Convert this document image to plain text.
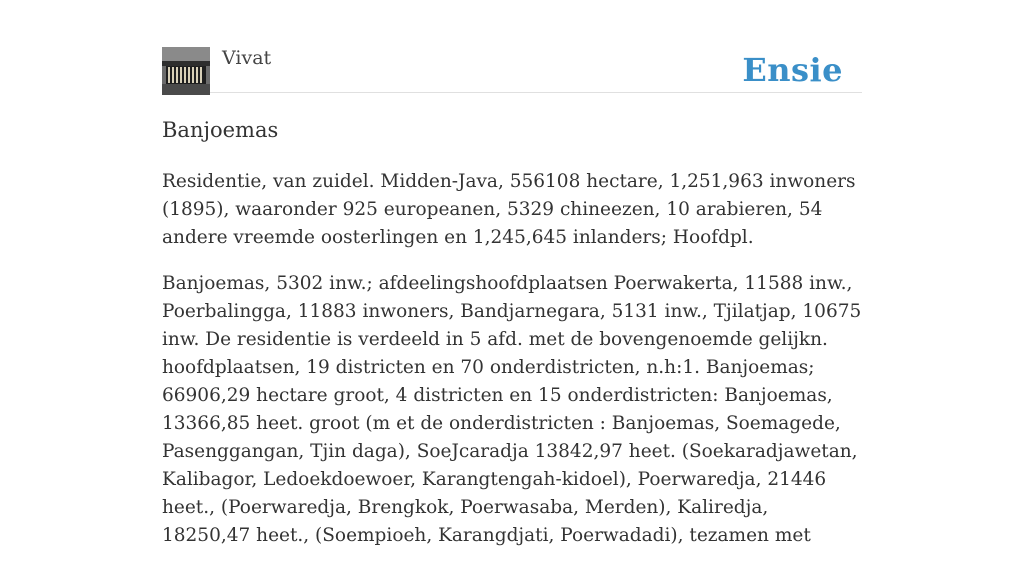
Vivat	Ensie
Banjoemas

Residentie, van zuidel. Midden-Java, 556108 hectare, 1,251,963 inwoners (1895), waaronder 925 europeanen, 5329 chineezen, 10 arabieren, 54 andere vreemde oosterlingen en 1,245,645 inlanders; Hoofdpl.

Banjoemas, 5302 inw.; afdeelingshoofdplaatsen Poerwakerta, 11588 inw., Poerbalingga, 11883 inwoners, Bandjarnegara, 5131 inw., Tjilatjap, 10675 inw. De residentie is verdeeld in 5 afd. met de bovengenoemde gelijkn. hoofdplaatsen, 19 districten en 70 onderdistricten, n.h:1. Banjoemas; 66906,29 hectare groot, 4 districten en 15 onderdistricten: Banjoemas, 13366,85 heet. groot (m et de onderdistricten : Banjoemas, Soemagede, Pasenggangan, Tjin daga), SoeJcaradja 13842,97 heet. (Soekaradjawetan, Kalibagor, Ledoekdoewoer, Karangtengah-kidoel), Poerwaredja, 21446 heet., (Poerwaredja, Brengkok, Poerwasaba, Merden), Kaliredja, 18250,47 heet., (Soempioeh, Karangdjati, Poerwadadi), tezamen met
